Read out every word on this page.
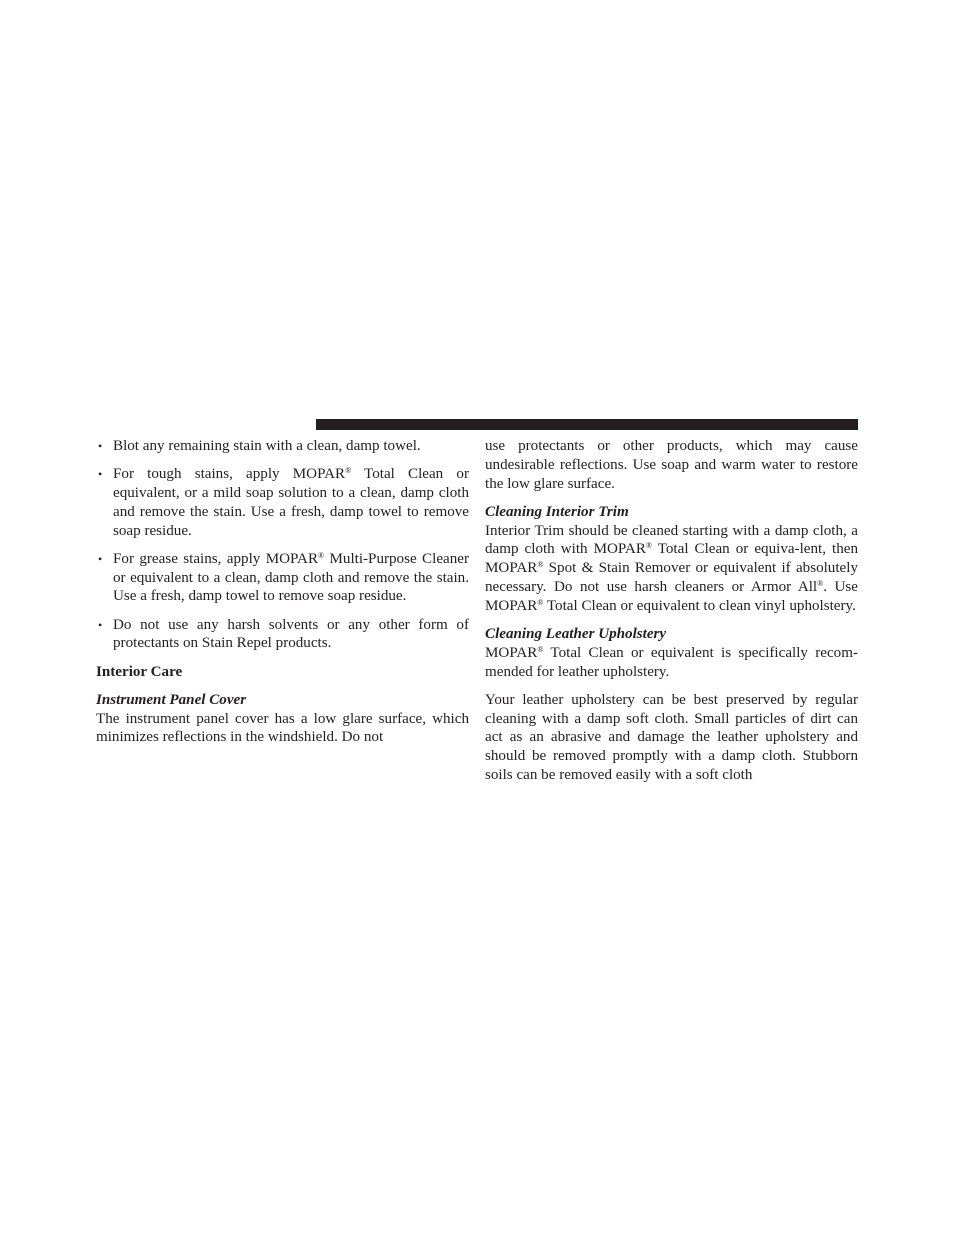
• Blot any remaining stain with a clean, damp towel.
• For tough stains, apply MOPAR® Total Clean or equivalent, or a mild soap solution to a clean, damp cloth and remove the stain. Use a fresh, damp towel to remove soap residue.
• For grease stains, apply MOPAR® Multi-Purpose Cleaner or equivalent to a clean, damp cloth and remove the stain. Use a fresh, damp towel to remove soap residue.
• Do not use any harsh solvents or any other form of protectants on Stain Repel products.

Interior Care

Instrument Panel Cover

The instrument panel cover has a low glare surface, which minimizes reflections in the windshield. Do not

use protectants or other products, which may cause undesirable reflections. Use soap and warm water to restore the low glare surface.

Cleaning Interior Trim

Interior Trim should be cleaned starting with a damp cloth, a damp cloth with MOPAR® Total Clean or equiva-lent, then MOPAR® Spot & Stain Remover or equivalent if absolutely necessary. Do not use harsh cleaners or Armor All®. Use MOPAR® Total Clean or equivalent to clean vinyl upholstery.

Cleaning Leather Upholstery

MOPAR® Total Clean or equivalent is specifically recom-mended for leather upholstery.

Your leather upholstery can be best preserved by regular cleaning with a damp soft cloth. Small particles of dirt can act as an abrasive and damage the leather upholstery and should be removed promptly with a damp cloth. Stubborn soils can be removed easily with a soft cloth
